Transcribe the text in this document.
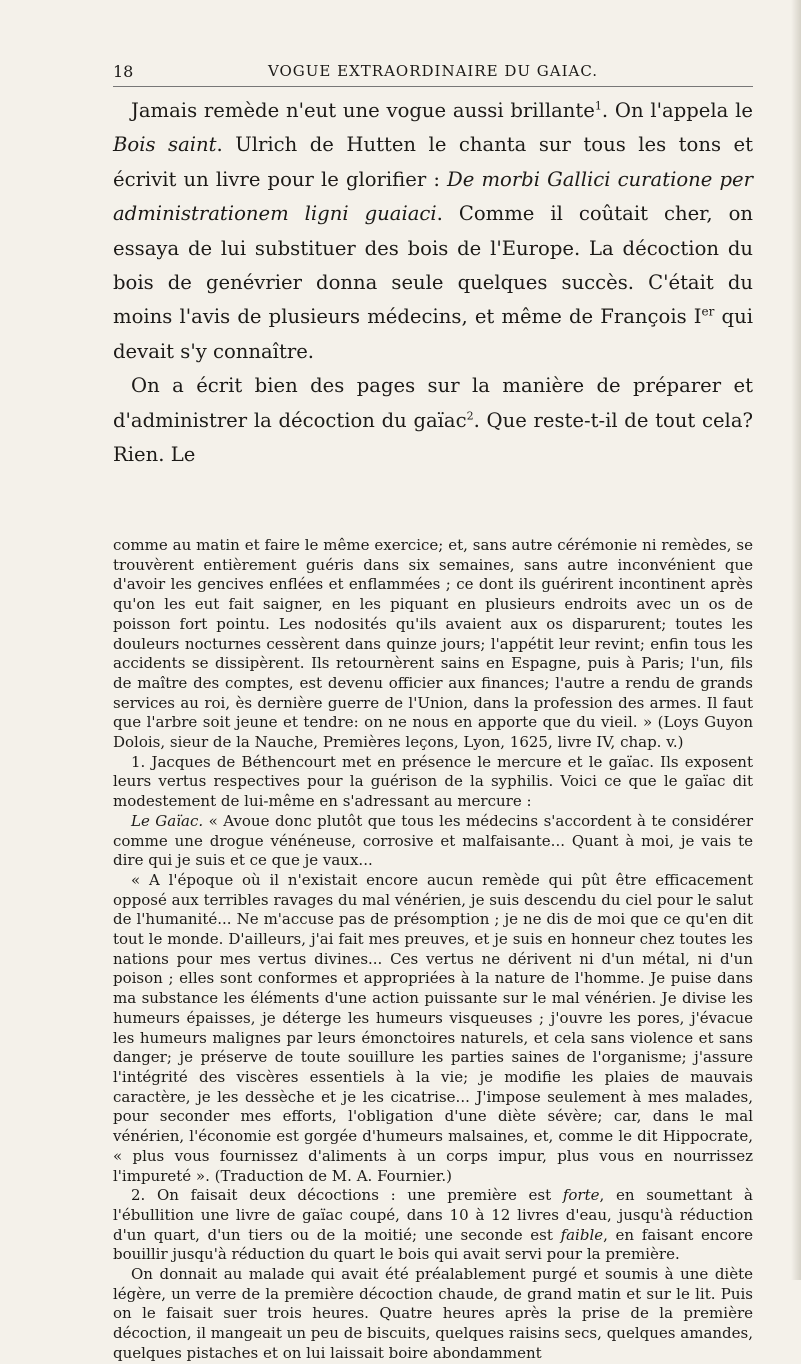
18	VOGUE EXTRAORDINAIRE DU GAIAC.

Jamais remède n'eut une vogue aussi brillante$^1$. On l'appela le Bois saint. Ulrich de Hutten le chanta sur tous les tons et écrivit un livre pour le glorifier : De morbi Gallici curatione per administrationem ligni guaiaci. Comme il coûtait cher, on essaya de lui substituer des bois de l'Europe. La décoction du bois de genévrier donna seule quelques succès. C'était du moins l'avis de plusieurs médecins, et même de François Ier qui devait s'y connaître.

On a écrit bien des pages sur la manière de préparer et d'administrer la décoction du gaïac$^2$. Que reste-t-il de tout cela? Rien. Le

comme au matin et faire le même exercice; et, sans autre cérémonie ni remèdes, se trouvèrent entièrement guéris dans six semaines, sans autre inconvénient que d'avoir les gencives enflées et enflammées ; ce dont ils guérirent incontinent après qu'on les eut fait saigner, en les piquant en plusieurs endroits avec un os de poisson fort pointu. Les nodosités qu'ils avaient aux os disparurent; toutes les douleurs nocturnes cessèrent dans quinze jours; l'appétit leur revint; enfin tous les accidents se dissipèrent. Ils retournèrent sains en Espagne, puis à Paris; l'un, fils de maître des comptes, est devenu officier aux finances; l'autre a rendu de grands services au roi, ès dernière guerre de l'Union, dans la profession des armes. Il faut que l'arbre soit jeune et tendre: on ne nous en apporte que du vieil. » (Loys Guyon Dolois, sieur de la Nauche, Premières leçons, Lyon, 1625, livre IV, chap. v.)

1. Jacques de Béthencourt met en présence le mercure et le gaïac. Ils exposent leurs vertus respectives pour la guérison de la syphilis. Voici ce que le gaïac dit modestement de lui-même en s'adressant au mercure :

Le Gaïac. « Avoue donc plutôt que tous les médecins s'accordent à te considérer comme une drogue vénéneuse, corrosive et malfaisante... Quant à moi, je vais te dire qui je suis et ce que je vaux...

« A l'époque où il n'existait encore aucun remède qui pût être efficacement opposé aux terribles ravages du mal vénérien, je suis descendu du ciel pour le salut de l'humanité... Ne m'accuse pas de présomption ; je ne dis de moi que ce qu'en dit tout le monde. D'ailleurs, j'ai fait mes preuves, et je suis en honneur chez toutes les nations pour mes vertus divines... Ces vertus ne dérivent ni d'un métal, ni d'un poison ; elles sont conformes et appropriées à la nature de l'homme. Je puise dans ma substance les éléments d'une action puissante sur le mal vénérien. Je divise les humeurs épaisses, je déterge les humeurs visqueuses ; j'ouvre les pores, j'évacue les humeurs malignes par leurs émonctoires naturels, et cela sans violence et sans danger; je préserve de toute souillure les parties saines de l'organisme; j'assure l'intégrité des viscères essentiels à la vie; je modifie les plaies de mauvais caractère, je les dessèche et je les cicatrise... J'impose seulement à mes malades, pour seconder mes efforts, l'obligation d'une diète sévère; car, dans le mal vénérien, l'économie est gorgée d'humeurs malsaines, et, comme le dit Hippocrate, « plus vous fournissez d'aliments à un corps impur, plus vous en nourrissez l'impureté ». (Traduction de M. A. Fournier.)

2. On faisait deux décoctions : une première est forte, en soumettant à l'ébullition une livre de gaïac coupé, dans 10 à 12 livres d'eau, jusqu'à réduction d'un quart, d'un tiers ou de la moitié; une seconde est faible, en faisant encore bouillir jusqu'à réduction du quart le bois qui avait servi pour la première.

On donnait au malade qui avait été préalablement purgé et soumis à une diète légère, un verre de la première décoction chaude, de grand matin et sur le lit. Puis on le faisait suer trois heures. Quatre heures après la prise de la première décoction, il mangeait un peu de biscuits, quelques raisins secs, quelques amandes, quelques pistaches et on lui laissait boire abondamment
